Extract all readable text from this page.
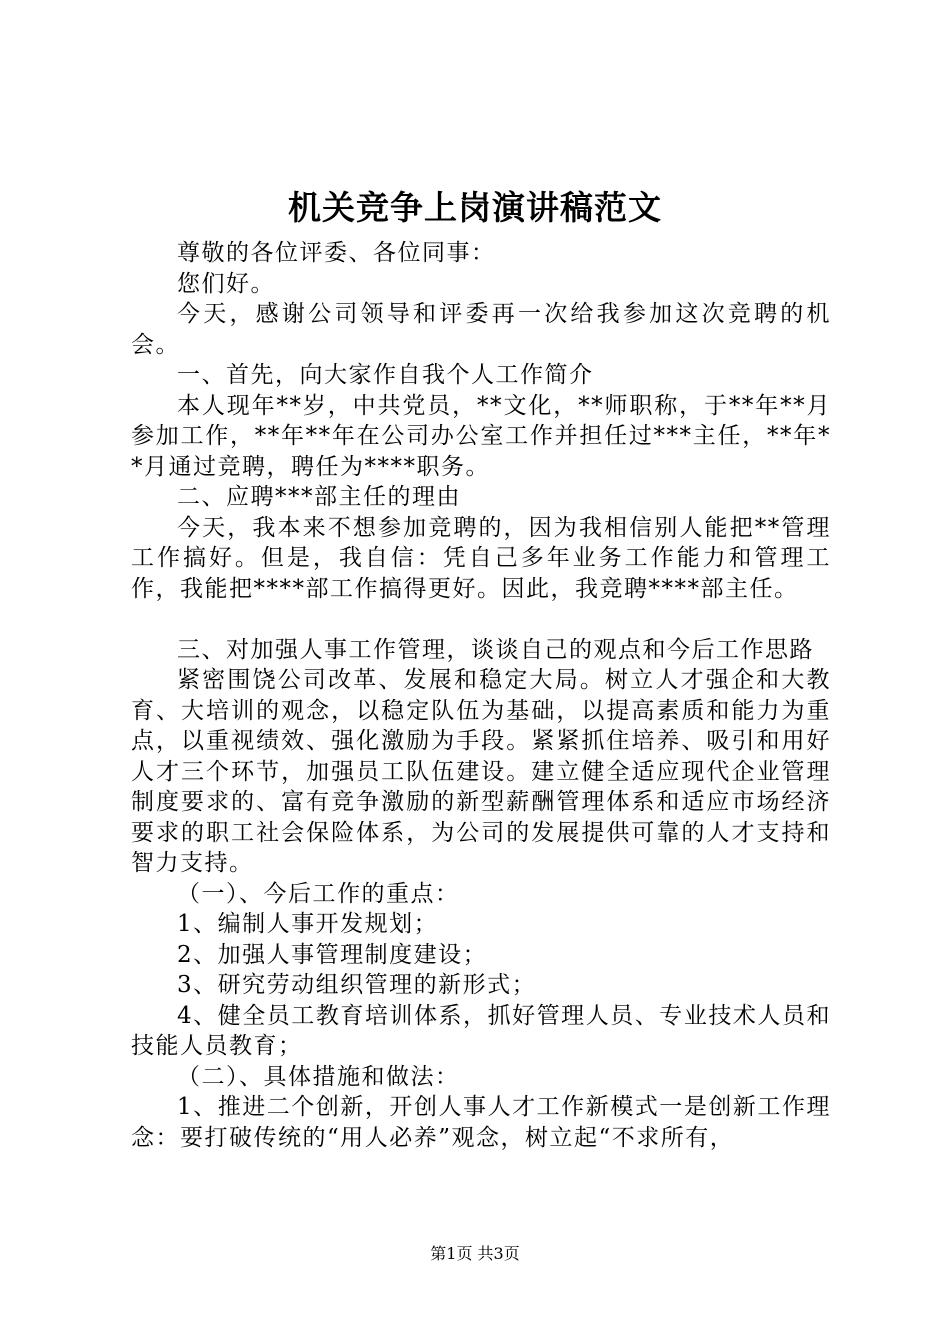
机关竞争上岗演讲稿范文

尊敬的各位评委、各位同事：

您们好。

今天，感谢公司领导和评委再一次给我参加这次竞聘的机会。

一、首先，向大家作自我个人工作简介

本人现年**岁，中共党员，**文化，**师职称，于**年**月参加工作，**年**年在公司办公室工作并担任过***主任，**年**月通过竞聘，聘任为****职务。

二、应聘***部主任的理由

今天，我本来不想参加竞聘的，因为我相信别人能把**管理工作搞好。但是，我自信：凭自己多年业务工作能力和管理工作，我能把****部工作搞得更好。因此，我竞聘****部主任。

三、对加强人事工作管理，谈谈自己的观点和今后工作思路

紧密围饶公司改革、发展和稳定大局。树立人才强企和大教育、大培训的观念，以稳定队伍为基础，以提高素质和能力为重点，以重视绩效、强化激励为手段。紧紧抓住培养、吸引和用好人才三个环节，加强员工队伍建设。建立健全适应现代企业管理制度要求的、富有竞争激励的新型薪酬管理体系和适应市场经济要求的职工社会保险体系，为公司的发展提供可靠的人才支持和智力支持。

（一）、今后工作的重点：

1、编制人事开发规划；

2、加强人事管理制度建设；

3、研究劳动组织管理的新形式；

4、健全员工教育培训体系，抓好管理人员、专业技术人员和技能人员教育；

（二）、具体措施和做法：

1、推进二个创新，开创人事人才工作新模式一是创新工作理念：要打破传统的“用人必养”观念，树立起“不求所有，

第1页 共3页
